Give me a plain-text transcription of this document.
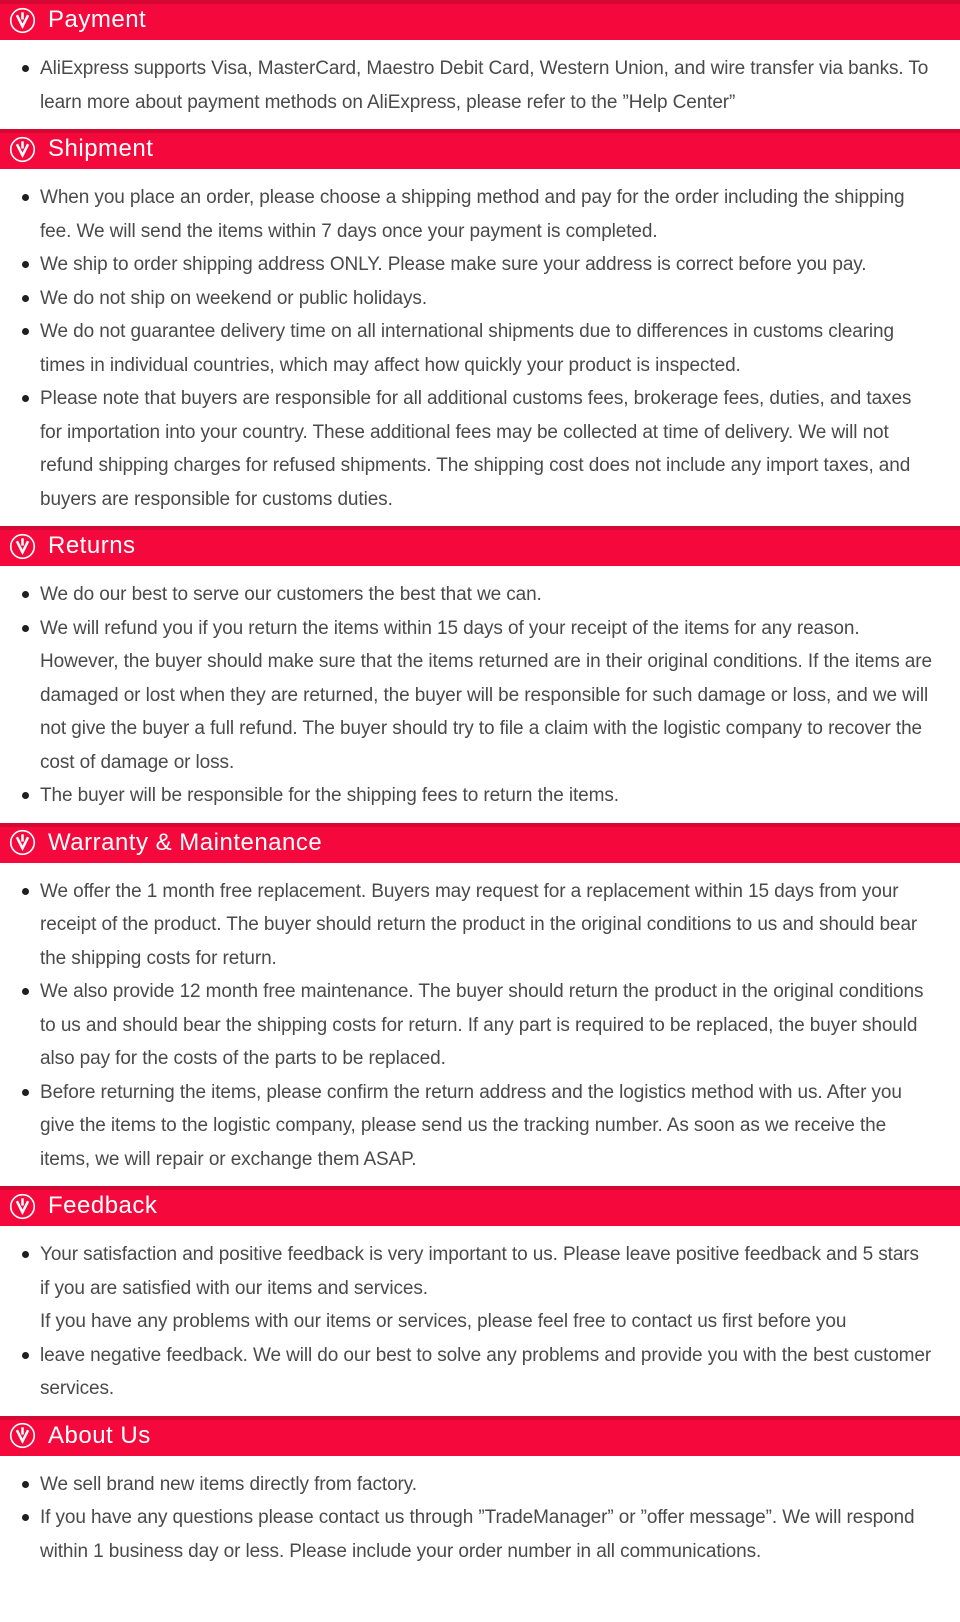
Payment
AliExpress supports Visa, MasterCard, Maestro Debit Card, Western Union, and wire transfer via banks. To learn more about payment methods on AliExpress, please refer to the ”Help Center”
Shipment
When you place an order, please choose a shipping method and pay for the order including the shipping fee. We will send the items within 7 days once your payment is completed.
We ship to order shipping address ONLY. Please make sure your address is correct before you pay.
We do not ship on weekend or public holidays.
We do not guarantee delivery time on all international shipments due to differences in customs clearing times in individual countries, which may affect how quickly your product is inspected.
Please note that buyers are responsible for all additional customs fees, brokerage fees, duties, and taxes for importation into your country. These additional fees may be collected at time of delivery. We will not refund shipping charges for refused shipments. The shipping cost does not include any import taxes, and buyers are responsible for customs duties.
Returns
We do our best to serve our customers the best that we can.
We will refund you if you return the items within 15 days of your receipt of the items for any reason. However, the buyer should make sure that the items returned are in their original conditions. If the items are damaged or lost when they are returned, the buyer will be responsible for such damage or loss, and we will not give the buyer a full refund. The buyer should try to file a claim with the logistic company to recover the cost of damage or loss.
The buyer will be responsible for the shipping fees to return the items.
Warranty & Maintenance
We offer the 1 month free replacement. Buyers may request for a replacement within 15 days from your receipt of the product. The buyer should return the product in the original conditions to us and should bear the shipping costs for return.
We also provide 12 month free maintenance. The buyer should return the product in the original conditions to us and should bear the shipping costs for return. If any part is required to be replaced, the buyer should also pay for the costs of the parts to be replaced.
Before returning the items, please confirm the return address and the logistics method with us. After you give the items to the logistic company, please send us the tracking number. As soon as we receive the items, we will repair or exchange them ASAP.
Feedback
Your satisfaction and positive feedback is very important to us. Please leave positive feedback and 5 stars if you are satisfied with our items and services.
If you have any problems with our items or services, please feel free to contact us first before you
leave negative feedback. We will do our best to solve any problems and provide you with the best customer services.
About Us
We sell brand new items directly from factory.
If you have any questions please contact us through ”TradeManager” or ”offer message”. We will respond within 1 business day or less. Please include your order number in all communications.
